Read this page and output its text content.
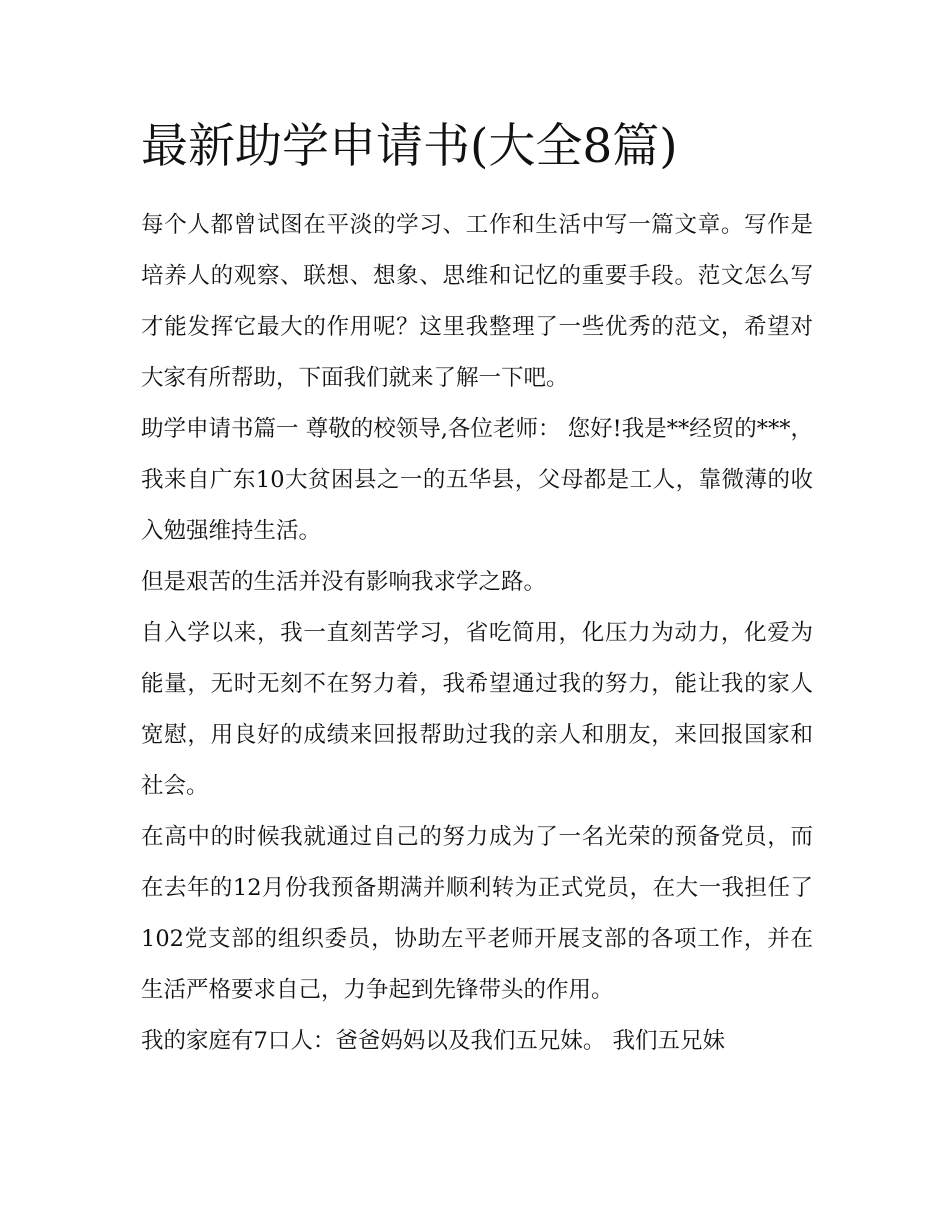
最新助学申请书(大全8篇)

每个人都曾试图在平淡的学习、工作和生活中写一篇文章。写作是培养人的观察、联想、想象、思维和记忆的重要手段。范文怎么写才能发挥它最大的作用呢？这里我整理了一些优秀的范文，希望对大家有所帮助，下面我们就来了解一下吧。

助学申请书篇一 尊敬的校领导,各位老师： 您好!我是**经贸的***，我来自广东10大贫困县之一的五华县，父母都是工人，靠微薄的收入勉强维持生活。

但是艰苦的生活并没有影响我求学之路。

自入学以来，我一直刻苦学习，省吃简用，化压力为动力，化爱为能量，无时无刻不在努力着，我希望通过我的努力，能让我的家人宽慰，用良好的成绩来回报帮助过我的亲人和朋友，来回报国家和社会。

在高中的时候我就通过自己的努力成为了一名光荣的预备党员，而在去年的12月份我预备期满并顺利转为正式党员，在大一我担任了102党支部的组织委员，协助左平老师开展支部的各项工作，并在生活严格要求自己，力争起到先锋带头的作用。

我的家庭有7口人：爸爸妈妈以及我们五兄妹。 我们五兄妹
